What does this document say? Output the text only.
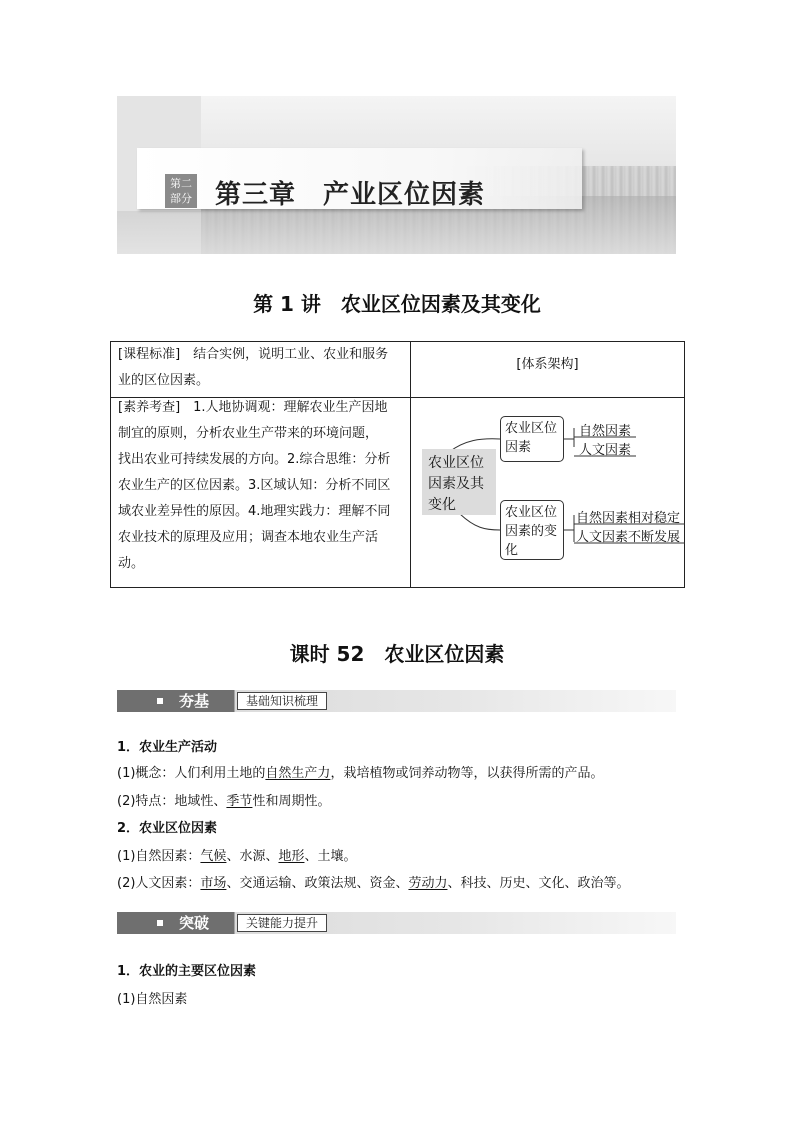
第二
部分 第三章　产业区位因素
第 1 讲　农业区位因素及其变化
[课程标准]　结合实例，说明工业、农业和服务
业的区位因素。
[体系架构]
[素养考查]　1.人地协调观：理解农业生产因地
制宜的原则，分析农业生产带来的环境问题，
找出农业可持续发展的方向。2.综合思维：分析
农业生产的区位因素。3.区域认知：分析不同区
域农业差异性的原因。4.地理实践力：理解不同
农业技术的原理及应用；调查本地农业生产活
动。
农业区位
因素及其
变化
农业区位
因素
农业区位
因素的变
化
自然因素
人文因素
自然因素相对稳定
人文因素不断发展
课时 52　农业区位因素
夯基	基础知识梳理
1．农业生产活动
(1)概念：人们利用土地的自然生产力，栽培植物或饲养动物等，以获得所需的产品。
(2)特点：地域性、季节性和周期性。
2．农业区位因素
(1)自然因素：气候、水源、地形、土壤。
(2)人文因素：市场、交通运输、政策法规、资金、劳动力、科技、历史、文化、政治等。
突破	关键能力提升
1．农业的主要区位因素
(1)自然因素
